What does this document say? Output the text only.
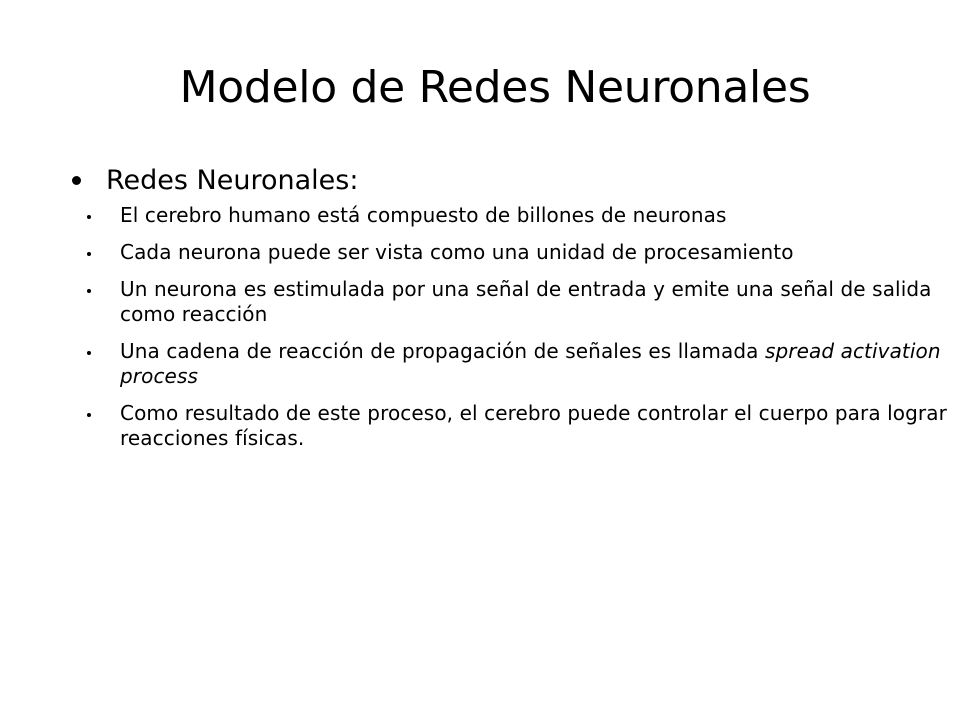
Modelo de Redes Neuronales
Redes Neuronales:
El cerebro humano está compuesto de billones de neuronas
Cada neurona puede ser vista como una unidad de procesamiento
Un neurona es estimulada por una señal de entrada y emite una señal de salida como reacción
Una cadena de reacción de propagación de señales es llamada spread activation process
Como resultado de este proceso, el cerebro puede controlar el cuerpo para lograr reacciones físicas.
